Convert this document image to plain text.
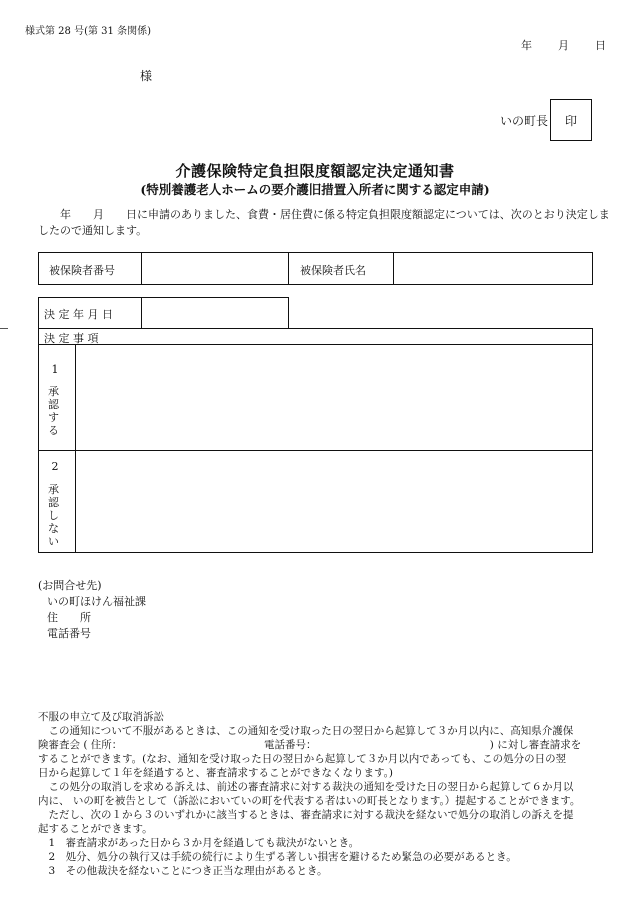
様式第 28 号(第 31 条関係)
年 月 日
様
いの町長 印
介護保険特定負担限度額認定決定通知書
(特別養護老人ホームの要介護旧措置入所者に関する認定申請)
　　年　　月　　日に申請のありました、食費・居住費に係る特定負担限度額認定については、次のとおり決定しましたので通知します。
被保険者番号	被保険者氏名
決 定 年 月 日
決 定 事 項
1
承
認
す
る
2
承
認
し
な
い
(お問合せ先)
いの町ほけん福祉課
住　　所
電話番号
不服の申立て及び取消訴訟
　この通知について不服があるときは、この通知を受け取った日の翌日から起算して３か月以内に、高知県介護保
険審査会 ( 住所：　　　　　　　　　　　　　　電話番号：　　　　　　　　　　　　　　　　　) に対し審査請求を
することができます。(なお、通知を受け取った日の翌日から起算して３か月以内であっても、この処分の日の翌
日から起算して１年を経過すると、審査請求することができなくなります。)
　この処分の取消しを求める訴えは、前述の審査請求に対する裁決の通知を受けた日の翌日から起算して６か月以
内に、 いの町を被告として（訴訟においていの町を代表する者はいの町長となります。）提起することができます。
　ただし、次の１から３のいずれかに該当するときは、審査請求に対する裁決を経ないで処分の取消しの訴えを提
起することができます。
　1　審査請求があった日から３か月を経過しても裁決がないとき。
　2　処分、処分の執行又は手続の続行により生ずる著しい損害を避けるため緊急の必要があるとき。
　3　その他裁決を経ないことにつき正当な理由があるとき。
